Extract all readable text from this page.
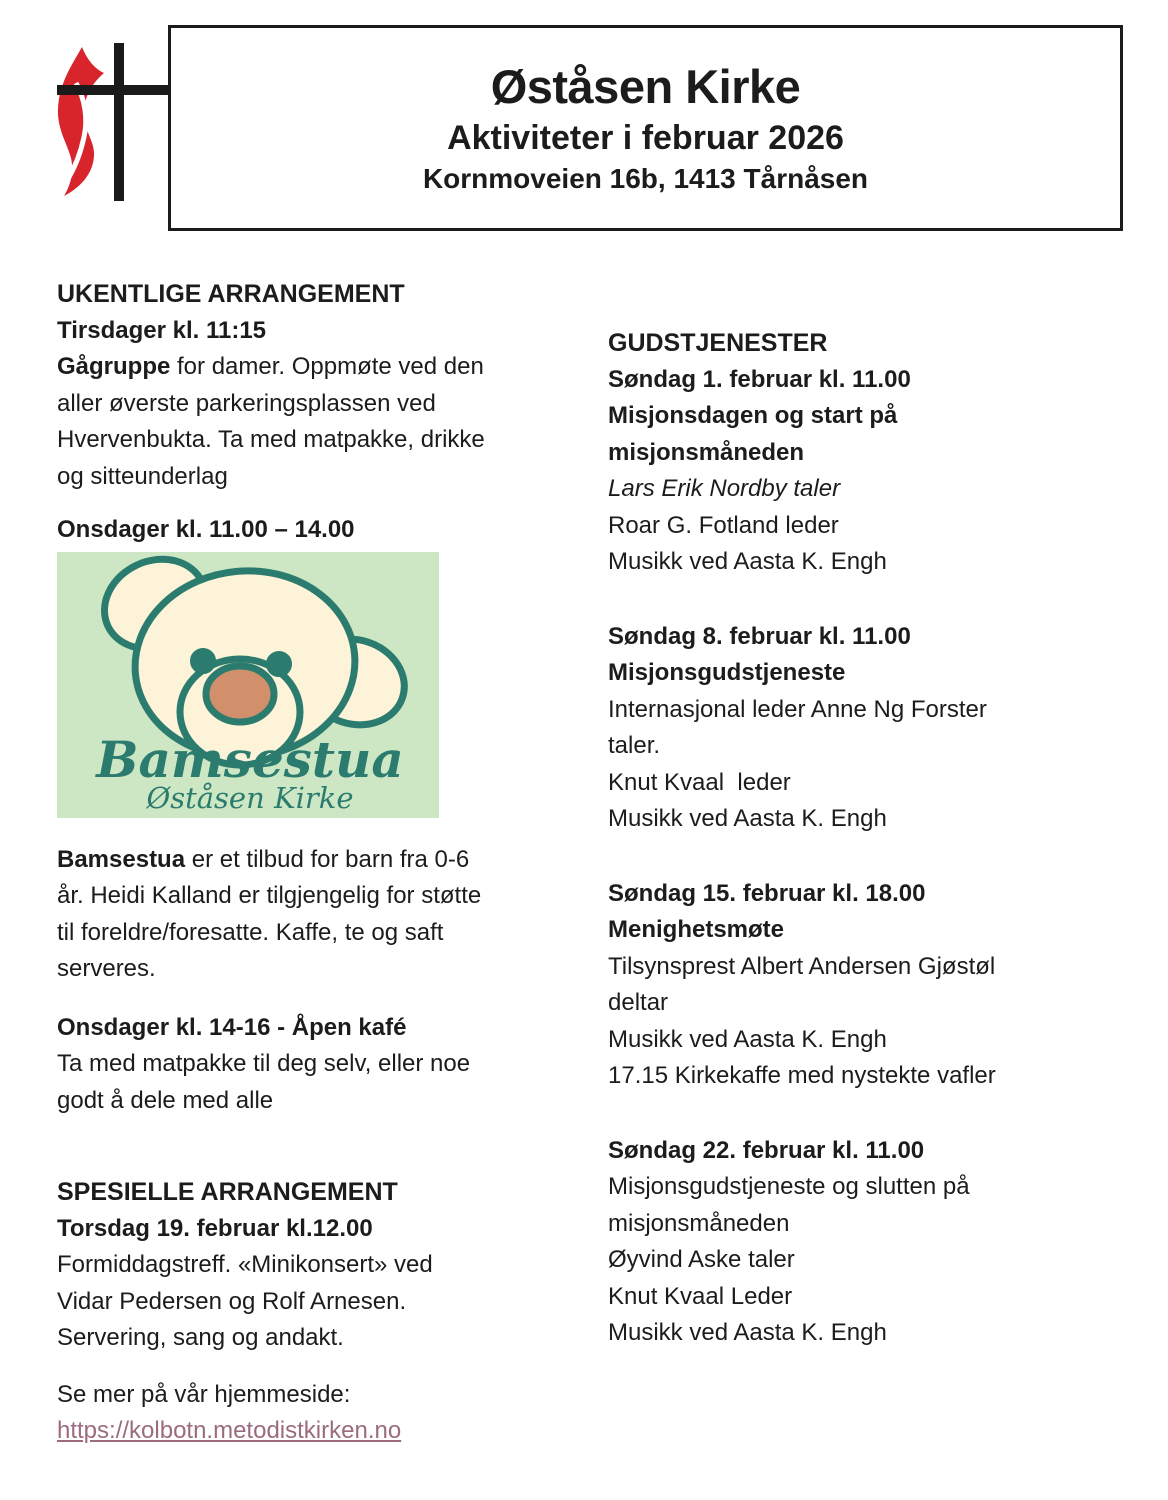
Øståsen Kirke
Aktiviteter i februar 2026
Kornmoveien 16b, 1413 Tårnåsen
UKENTLIGE ARRANGEMENT
Tirsdager kl. 11:15
Gågruppe for damer. Oppmøte ved den
aller øverste parkeringsplassen ved
Hvervenbukta. Ta med matpakke, drikke
og sitteunderlag
Onsdager kl. 11.00 – 14.00
Bamsestua
Øståsen Kirke
Bamsestua er et tilbud for barn fra 0-6
år. Heidi Kalland er tilgjengelig for støtte
til foreldre/foresatte. Kaffe, te og saft
serveres.
Onsdager kl. 14-16 - Åpen kafé
Ta med matpakke til deg selv, eller noe
godt å dele med alle
SPESIELLE ARRANGEMENT
Torsdag 19. februar kl.12.00
Formiddagstreff. «Minikonsert» ved
Vidar Pedersen og Rolf Arnesen.
Servering, sang og andakt.
Se mer på vår hjemmeside:
https://kolbotn.metodistkirken.no
GUDSTJENESTER
Søndag 1. februar kl. 11.00
Misjonsdagen og start på
misjonsmåneden
Lars Erik Nordby taler
Roar G. Fotland leder
Musikk ved Aasta K. Engh
Søndag 8. februar kl. 11.00
Misjonsgudstjeneste
Internasjonal leder Anne Ng Forster
taler.
Knut Kvaal  leder
Musikk ved Aasta K. Engh
Søndag 15. februar kl. 18.00
Menighetsmøte
Tilsynsprest Albert Andersen Gjøstøl
deltar
Musikk ved Aasta K. Engh
17.15 Kirkekaffe med nystekte vafler
Søndag 22. februar kl. 11.00
Misjonsgudstjeneste og slutten på
misjonsmåneden
Øyvind Aske taler
Knut Kvaal Leder
Musikk ved Aasta K. Engh
